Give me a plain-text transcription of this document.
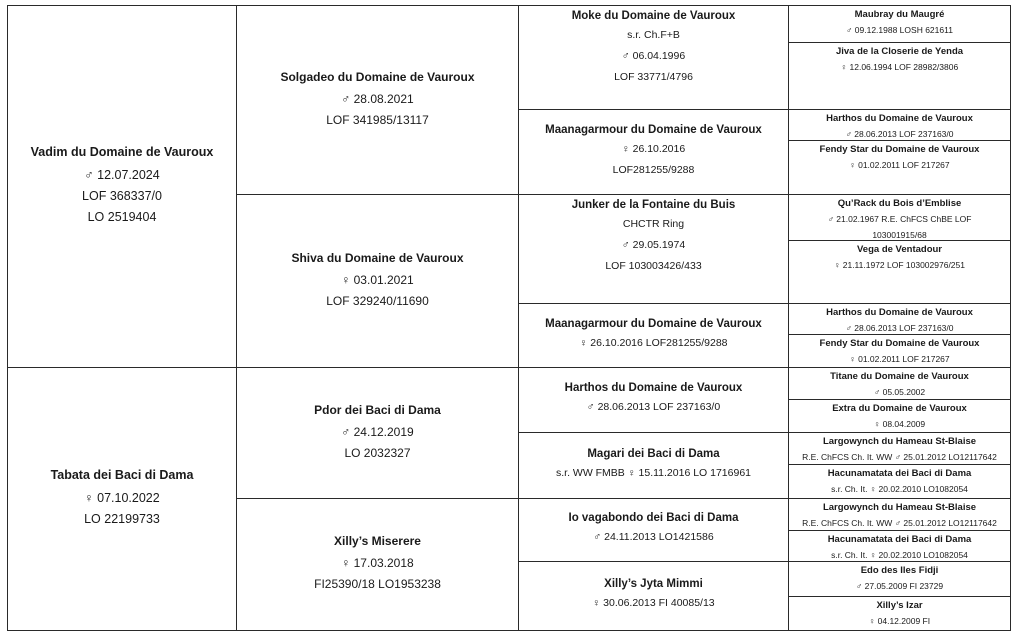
Vadim du Domaine de Vauroux
♂ 12.07.2024
LOF 368337/0
LO 2519404
Tabata dei Baci di Dama
♀ 07.10.2022
LO 22199733
Solgadeo du Domaine de Vauroux
♂ 28.08.2021
LOF 341985/13117
Shiva du Domaine de Vauroux
♀ 03.01.2021
LOF 329240/11690
Pdor dei Baci di Dama
♂ 24.12.2019
LO 2032327
Xilly’s Miserere
♀ 17.03.2018
FI25390/18 LO1953238
Moke du Domaine de Vauroux
s.r. Ch.F+B
♂ 06.04.1996
LOF 33771/4796
Maanagarmour du Domaine de Vauroux
♀ 26.10.2016
LOF281255/9288
Junker de la Fontaine du Buis
CHCTR Ring
♂ 29.05.1974
LOF 103003426/433
Maanagarmour du Domaine de Vauroux
♀ 26.10.2016 LOF281255/9288
Harthos du Domaine de Vauroux
♂ 28.06.2013 LOF 237163/0
Magari dei Baci di Dama
s.r. WW FMBB ♀ 15.11.2016 LO 1716961
Io vagabondo dei Baci di Dama
♂ 24.11.2013 LO1421586
Xilly’s Jyta Mimmi
♀ 30.06.2013 FI 40085/13
Maubray du Maugré
♂ 09.12.1988 LOSH 621611
Jiva de la Closerie de Yenda
♀ 12.06.1994 LOF 28982/3806
Harthos du Domaine de Vauroux
♂ 28.06.2013 LOF 237163/0
Fendy Star du Domaine de Vauroux
♀ 01.02.2011 LOF 217267
Qu’Rack du Bois d’Emblise
♂ 21.02.1967 R.E. ChFCS ChBE LOF
103001915/68
Vega de Ventadour
♀ 21.11.1972 LOF 103002976/251
Harthos du Domaine de Vauroux
♂ 28.06.2013 LOF 237163/0
Fendy Star du Domaine de Vauroux
♀ 01.02.2011 LOF 217267
Titane du Domaine de Vauroux
♂ 05.05.2002
Extra du Domaine de Vauroux
♀ 08.04.2009
Largowynch du Hameau St-Blaise
R.E. ChFCS Ch. It. WW ♂ 25.01.2012 LO12117642
Hacunamatata dei Baci di Dama
s.r. Ch. It. ♀ 20.02.2010 LO1082054
Largowynch du Hameau St-Blaise
R.E. ChFCS Ch. It. WW ♂ 25.01.2012 LO12117642
Hacunamatata dei Baci di Dama
s.r. Ch. It. ♀ 20.02.2010 LO1082054
Edo des Iles Fidji
♂ 27.05.2009 FI 23729
Xilly’s Izar
♀ 04.12.2009 FI
